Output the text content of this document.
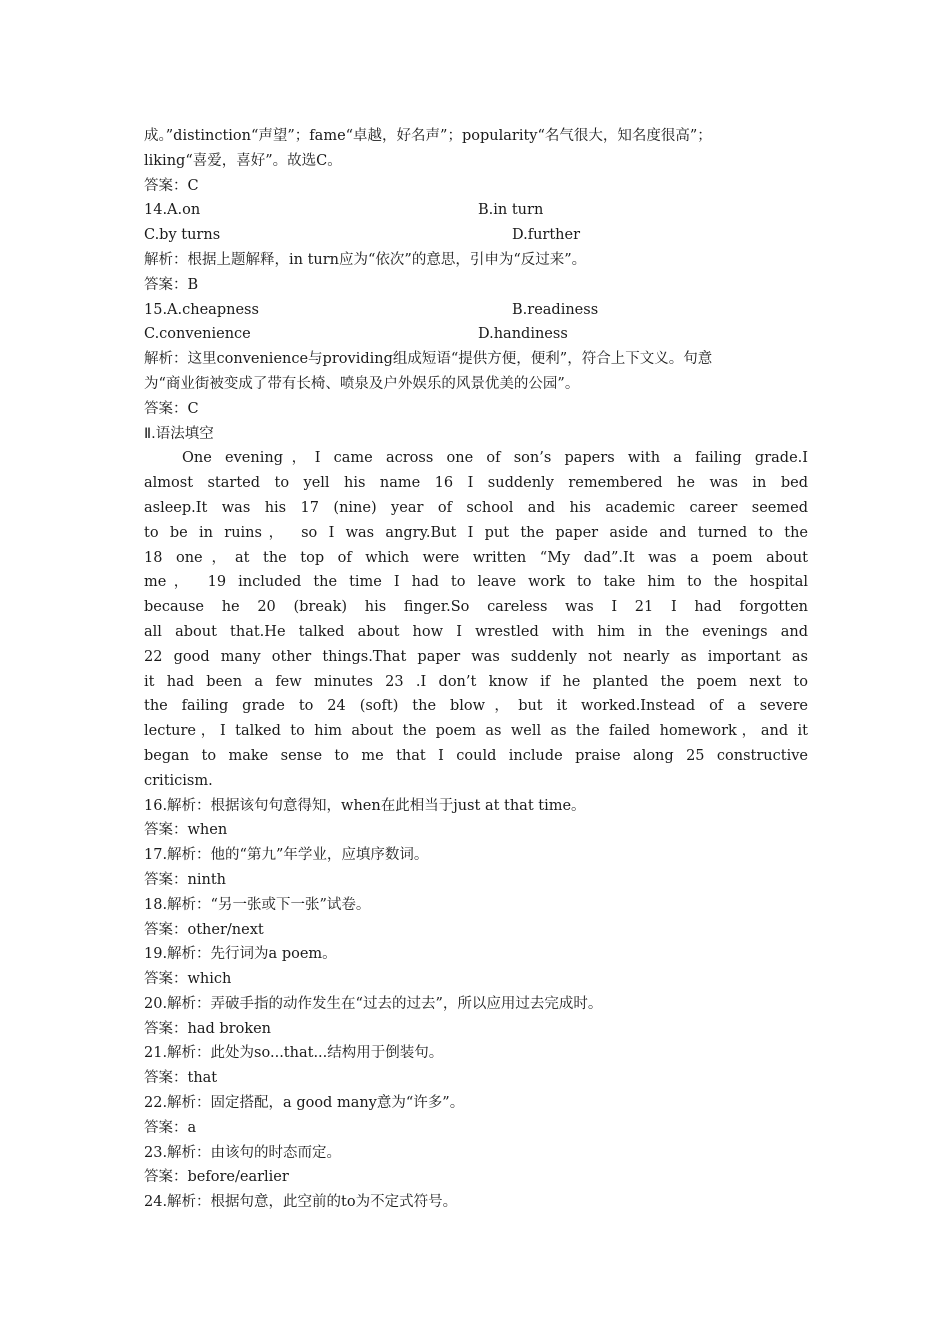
成。”distinction“声望”；fame“卓越，好名声”；popularity“名气很大，知名度很高”；
liking“喜爱，喜好”。故选C。
答案：C
14.A.on	B.in turn
C.by turns	D.further
解析：根据上题解释，in turn应为“依次”的意思，引申为“反过来”。
答案：B
15.A.cheapness	B.readiness
C.convenience	D.handiness
解析：这里convenience与providing组成短语“提供方便，便利”，符合上下文义。句意
为“商业街被变成了带有长椅、喷泉及户外娱乐的风景优美的公园”。
答案：C
Ⅱ.语法填空
One evening，I came across one of son’s papers with a failing grade.I
almost started to yell his name 16 I suddenly remembered he was in bed
asleep.It was his 17 (nine) year of school and his academic career seemed
to be in ruins， so I was angry.But I put the paper aside and turned to the
18 one，at the top of which were written “My dad”.It was a poem about
me， 19 included the time I had to leave work to take him to the hospital
because he 20 (break) his finger.So careless was I 21 I had forgotten
all about that.He talked about how I wrestled with him in the evenings and
22 good many other things.That paper was suddenly not nearly as important as
it had been a few minutes 23 .I don’t know if he planted the poem next to
the failing grade to 24 (soft) the blow，but it worked.Instead of a severe
lecture，I talked to him about the poem as well as the failed homework，and it
began to make sense to me that I could include praise along 25 constructive
criticism.
16.解析：根据该句句意得知，when在此相当于just at that time。
答案：when
17.解析：他的“第九”年学业，应填序数词。
答案：ninth
18.解析：“另一张或下一张”试卷。
答案：other/next
19.解析：先行词为a poem。
答案：which
20.解析：弄破手指的动作发生在“过去的过去”，所以应用过去完成时。
答案：had broken
21.解析：此处为so...that...结构用于倒装句。
答案：that
22.解析：固定搭配，a good many意为“许多”。
答案：a
23.解析：由该句的时态而定。
答案：before/earlier
24.解析：根据句意，此空前的to为不定式符号。
